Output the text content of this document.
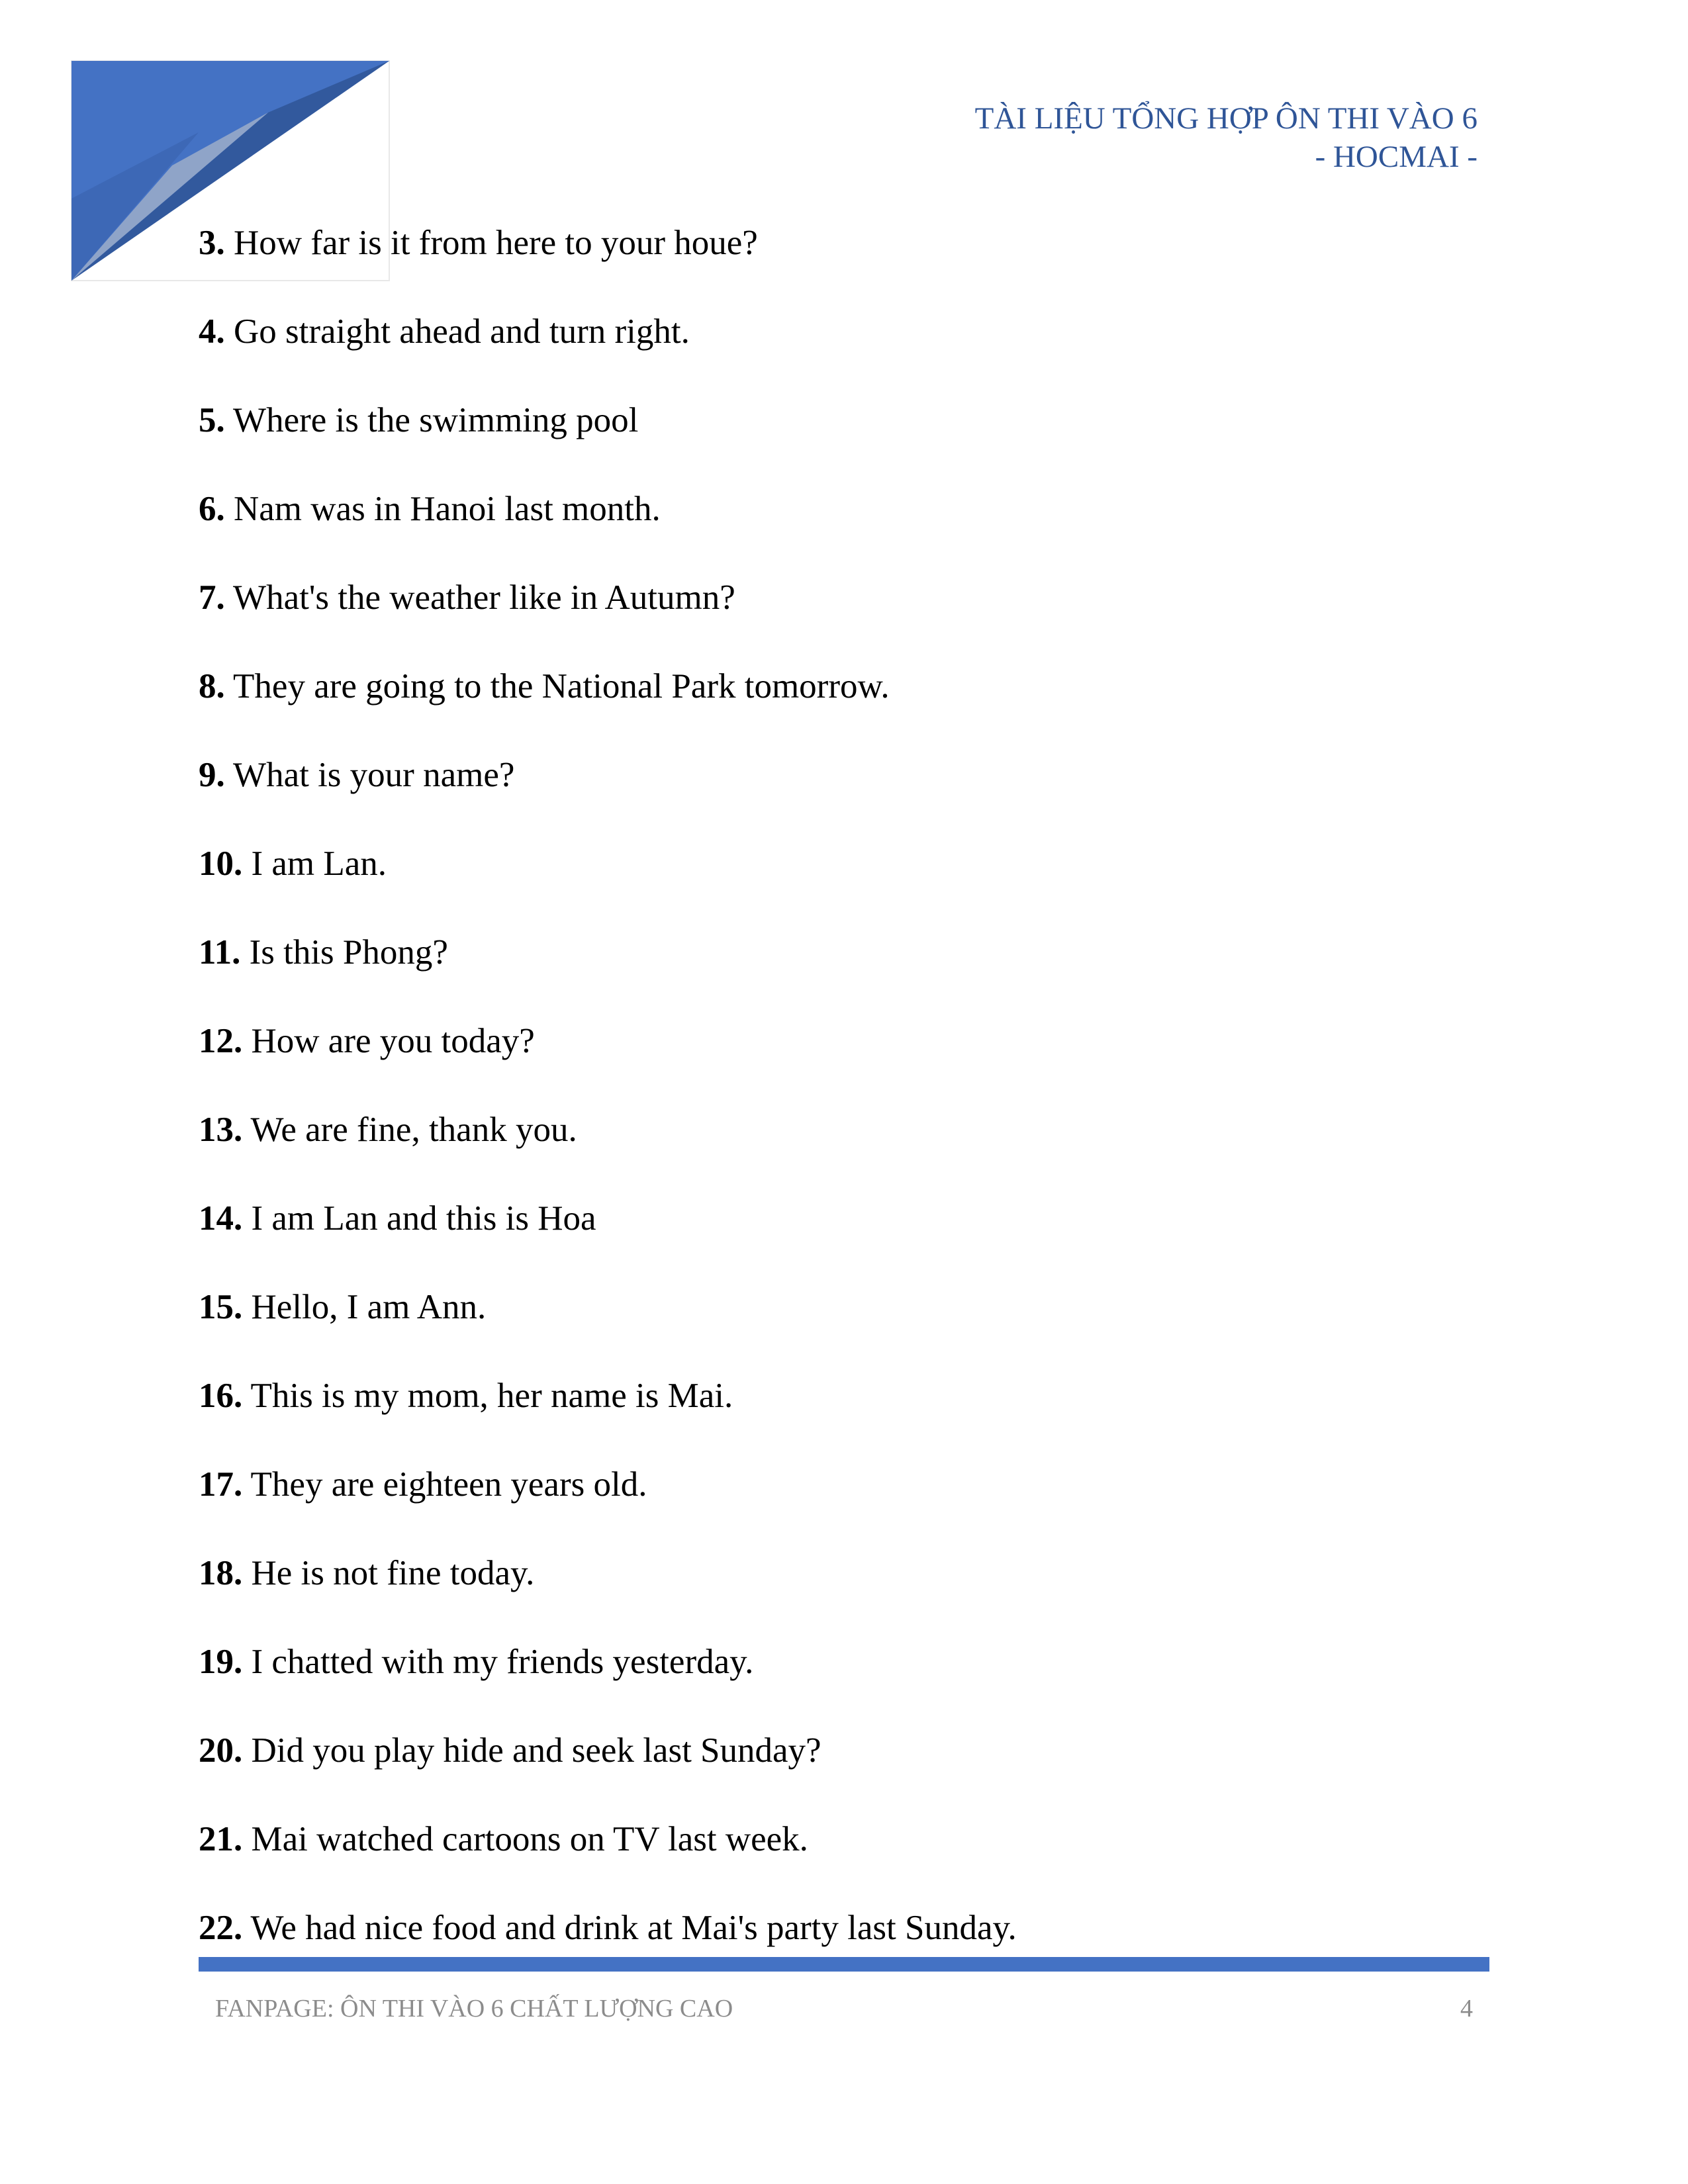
TÀI LIỆU TỔNG HỢP ÔN THI VÀO 6
- HOCMAI -
3. How far is it from here to your houe?
4. Go straight ahead and turn right.
5. Where is the swimming pool
6. Nam was in Hanoi last month.
7. What's the weather like in Autumn?
8. They are going to the National Park tomorrow.
9. What is your name?
10. I am Lan.
11. Is this Phong?
12. How are you today?
13. We are fine, thank you.
14. I am Lan and this is Hoa
15. Hello, I am Ann.
16. This is my mom, her name is Mai.
17. They are eighteen years old.
18. He is not fine today.
19. I chatted with my friends yesterday.
20. Did you play hide and seek last Sunday?
21. Mai watched cartoons on TV last week.
22. We had nice food and drink at Mai's party last Sunday.
FANPAGE: ÔN THI VÀO 6 CHẤT LƯỢNG CAO	4
